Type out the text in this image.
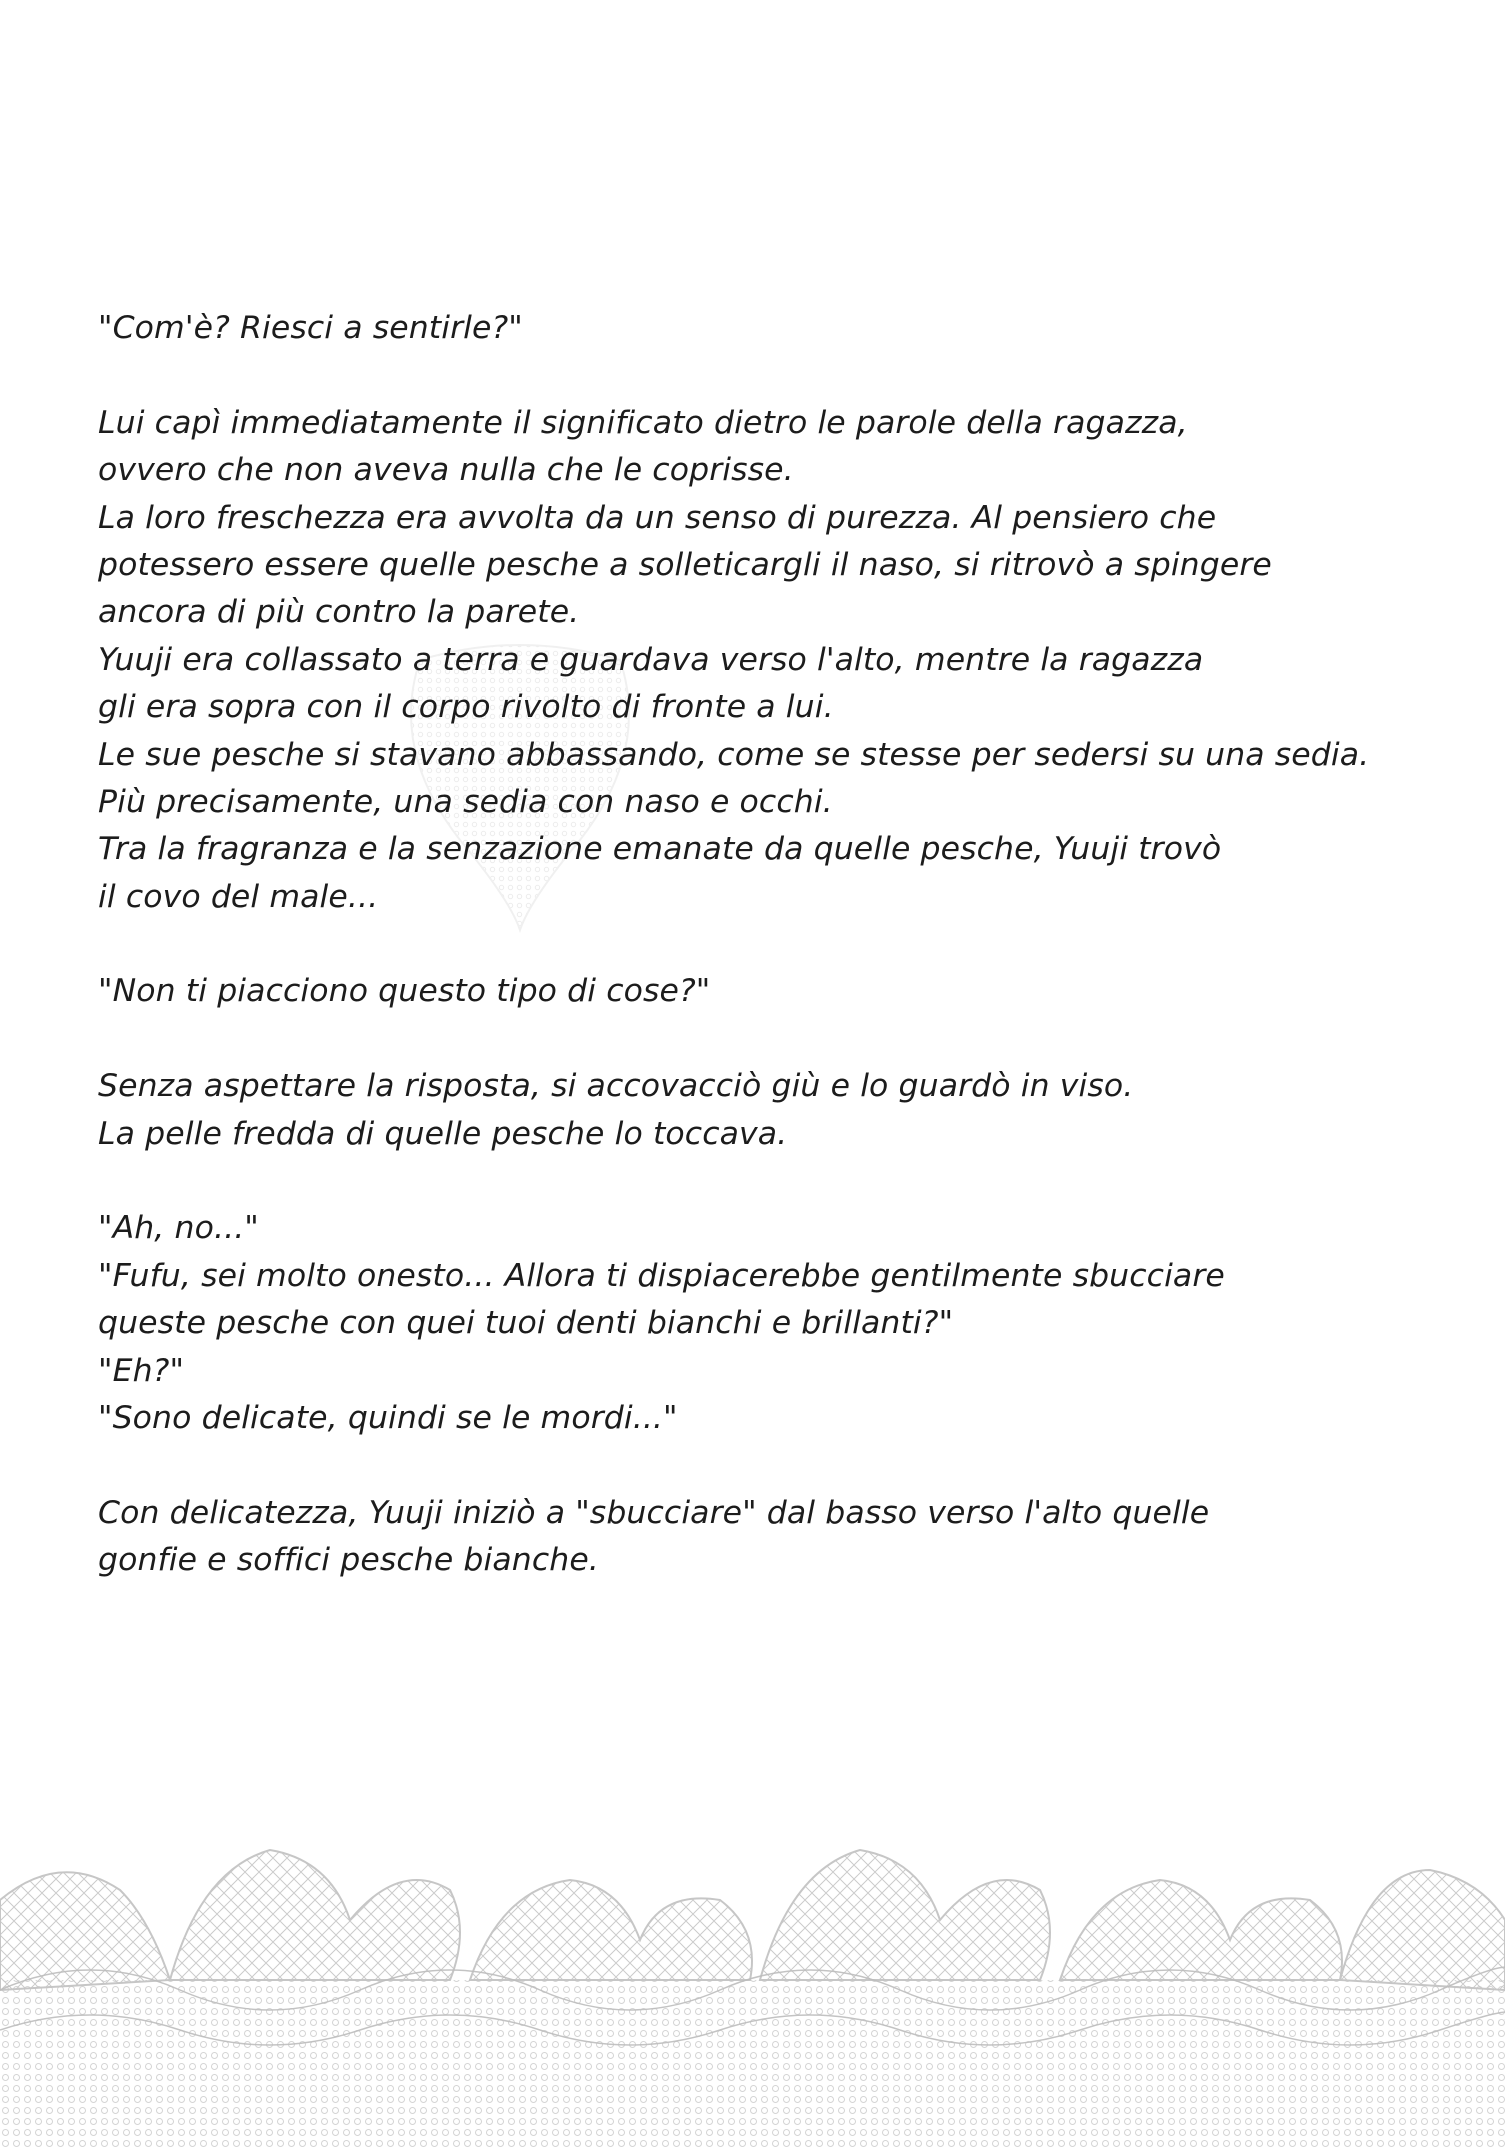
"Com'è? Riesci a sentirle?"
Lui capì immediatamente il significato dietro le parole della ragazza,
ovvero che non aveva nulla che le coprisse.
La loro freschezza era avvolta da un senso di purezza. Al pensiero che
potessero essere quelle pesche a solleticargli il naso, si ritrovò a spingere
ancora di più contro la parete.
Yuuji era collassato a terra e guardava verso l'alto, mentre la ragazza
gli era sopra con il corpo rivolto di fronte a lui.
Le sue pesche si stavano abbassando, come se stesse per sedersi su una sedia.
Più precisamente, una sedia con naso e occhi.
Tra la fragranza e la senzazione emanate da quelle pesche, Yuuji trovò
il covo del male...
"Non ti piacciono questo tipo di cose?"
Senza aspettare la risposta, si accovacciò giù e lo guardò in viso.
La pelle fredda di quelle pesche lo toccava.
"Ah, no..."
"Fufu, sei molto onesto... Allora ti dispiacerebbe gentilmente sbucciare
queste pesche con quei tuoi denti bianchi e brillanti?"
"Eh?"
"Sono delicate, quindi se le mordi..."
Con delicatezza, Yuuji iniziò a "sbucciare" dal basso verso l'alto quelle
gonfie e soffici pesche bianche.
